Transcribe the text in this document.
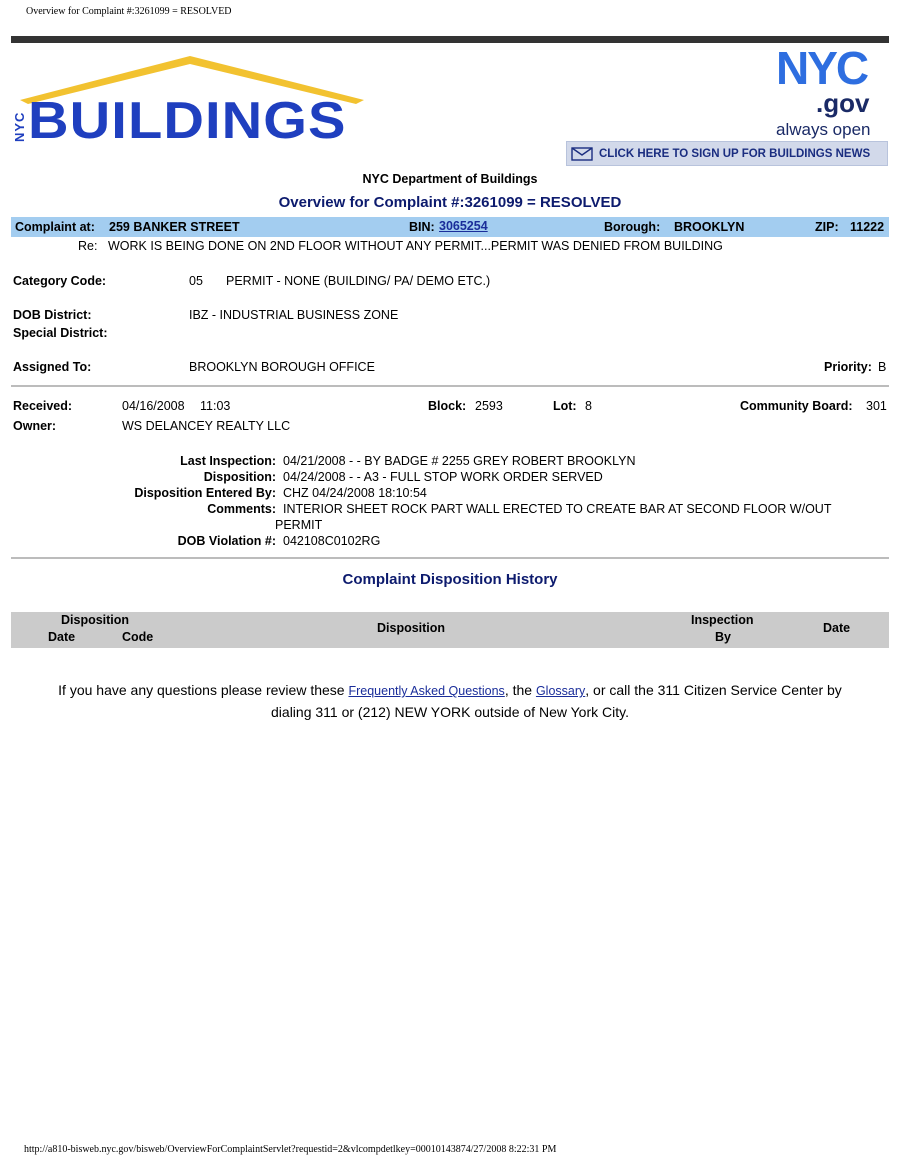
Overview for Complaint #:3261099 = RESOLVED
NYC BUILDINGS
NYC
.gov
always open
CLICK HERE TO SIGN UP FOR BUILDINGS NEWS
NYC Department of Buildings
Overview for Complaint #:3261099 = RESOLVED
Complaint at: 259 BANKER STREET	BIN: 3065254	Borough: BROOKLYN	ZIP: 11222
Re: WORK IS BEING DONE ON 2ND FLOOR WITHOUT ANY PERMIT...PERMIT WAS DENIED FROM BUILDING
Category Code:	05 PERMIT - NONE (BUILDING/ PA/ DEMO ETC.)
DOB District:	IBZ - INDUSTRIAL BUSINESS ZONE
Special District:
Assigned To:	BROOKLYN BOROUGH OFFICE	Priority: B
Received:	04/16/2008 11:03	Block: 2593	Lot: 8	Community Board: 301
Owner:	WS DELANCEY REALTY LLC
Last Inspection: 04/21/2008 - - BY BADGE # 2255 GREY ROBERT BROOKLYN
Disposition: 04/24/2008 - - A3 - FULL STOP WORK ORDER SERVED
Disposition Entered By: CHZ 04/24/2008 18:10:54
Comments: INTERIOR SHEET ROCK PART WALL ERECTED TO CREATE BAR AT SECOND FLOOR W/OUT
PERMIT
DOB Violation #: 042108C0102RG
Complaint Disposition History
Disposition
Date	Code
Disposition
Inspection
By
Date
If you have any questions please review these Frequently Asked Questions, the Glossary, or call the 311 Citizen Service Center by
dialing 311 or (212) NEW YORK outside of New York City.
http://a810-bisweb.nyc.gov/bisweb/OverviewForComplaintServlet?requestid=2&vlcompdetlkey=00010143874/27/2008 8:22:31 PM
